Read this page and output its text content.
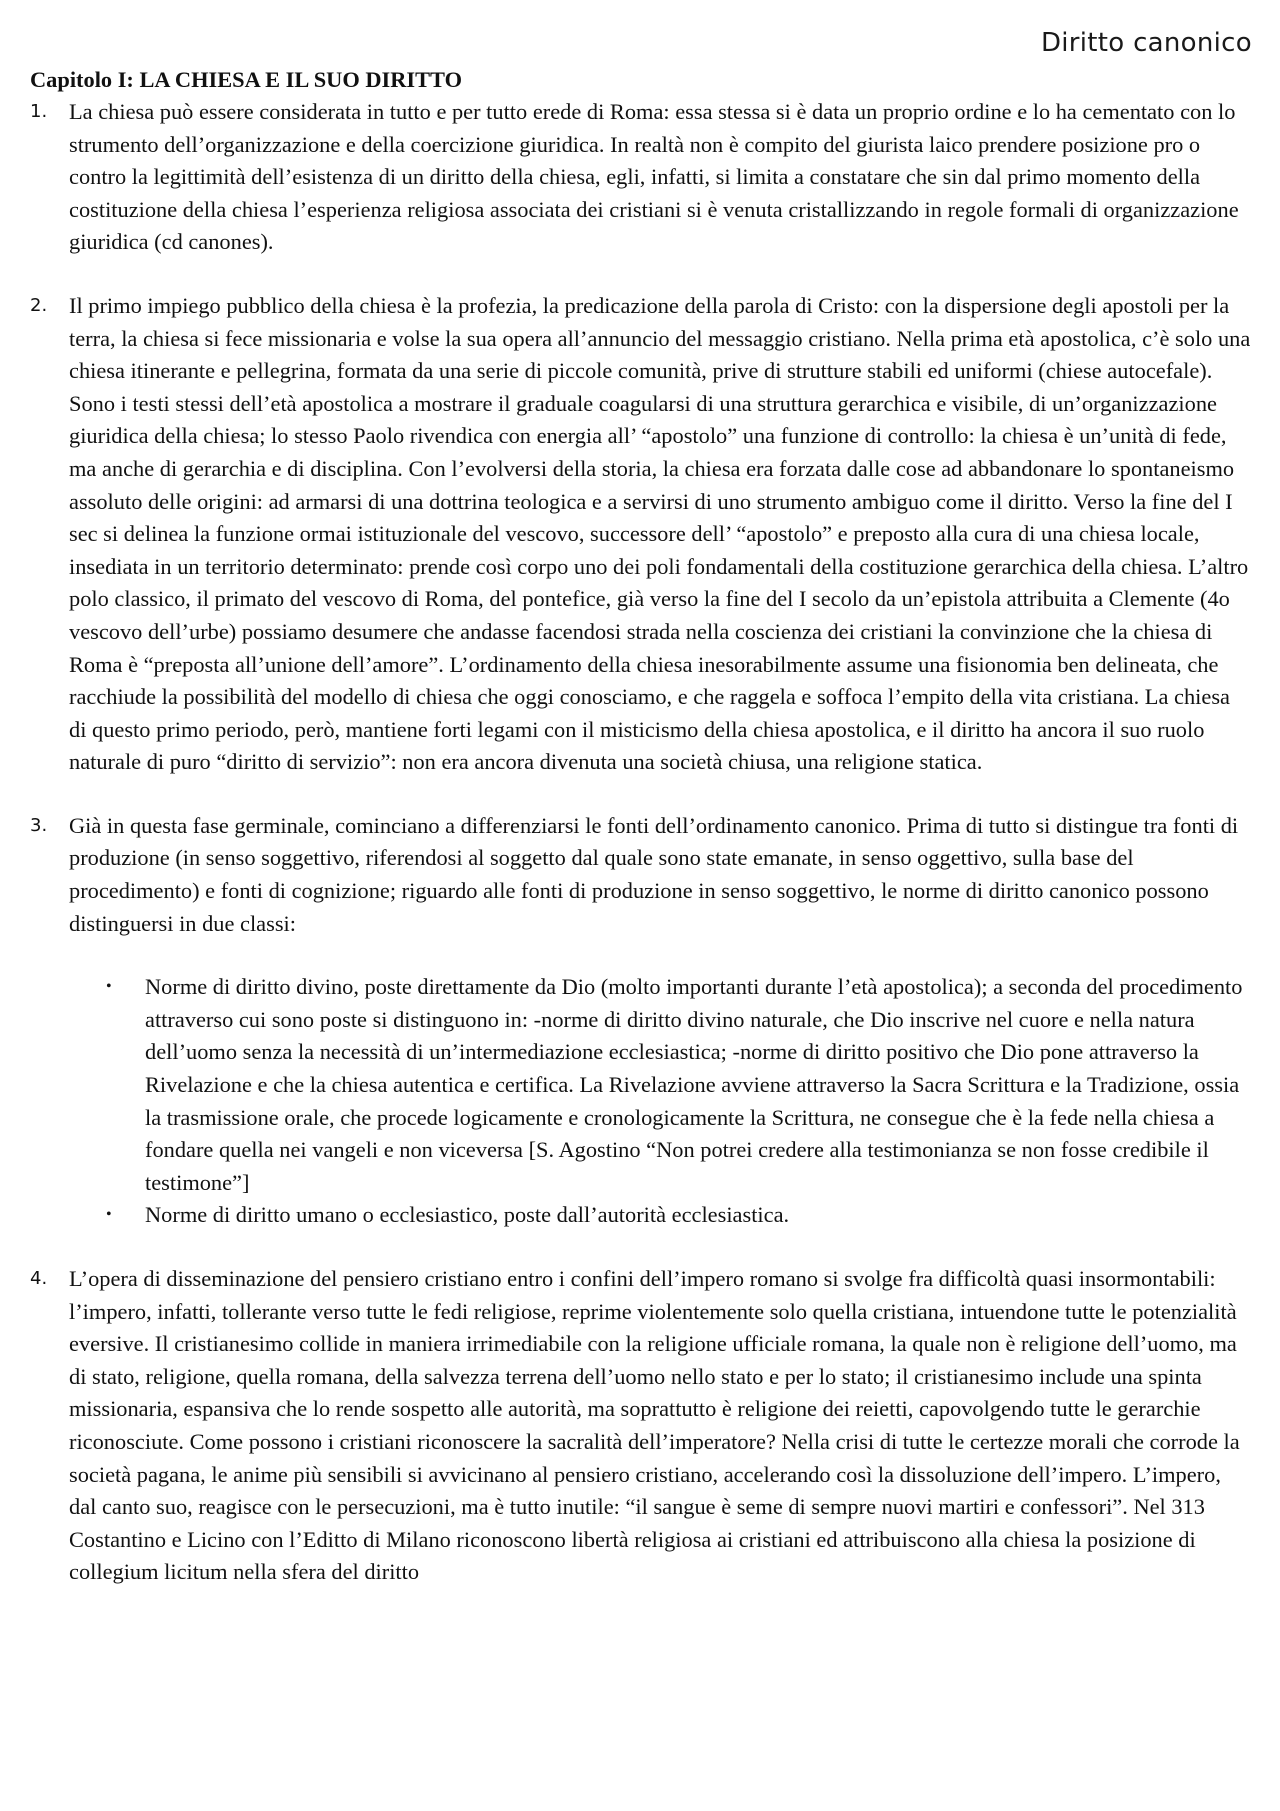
Diritto canonico
Capitolo I: LA CHIESA E IL SUO DIRITTO
1. La chiesa può essere considerata in tutto e per tutto erede di Roma: essa stessa si è data un proprio ordine e lo ha cementato con lo strumento dell’organizzazione e della coercizione giuridica. In realtà non è compito del giurista laico prendere posizione pro o contro la legittimità dell’esistenza di un diritto della chiesa, egli, infatti, si limita a constatare che sin dal primo momento della costituzione della chiesa l’esperienza religiosa associata dei cristiani si è venuta cristallizzando in regole formali di organizzazione giuridica (cd canones).

2. Il primo impiego pubblico della chiesa è la profezia, la predicazione della parola di Cristo: con la dispersione degli apostoli per la terra, la chiesa si fece missionaria e volse la sua opera all’annuncio del messaggio cristiano. Nella prima età apostolica, c’è solo una chiesa itinerante e pellegrina, formata da una serie di piccole comunità, prive di strutture stabili ed uniformi (chiese autocefale). Sono i testi stessi dell’età apostolica a mostrare il graduale coagularsi di una struttura gerarchica e visibile, di un’organizzazione giuridica della chiesa; lo stesso Paolo rivendica con energia all’ “apostolo” una funzione di controllo: la chiesa è un’unità di fede, ma anche di gerarchia e di disciplina. Con l’evolversi della storia, la chiesa era forzata dalle cose ad abbandonare lo spontaneismo assoluto delle origini: ad armarsi di una dottrina teologica e a servirsi di uno strumento ambiguo come il diritto. Verso la fine del I sec si delinea la funzione ormai istituzionale del vescovo, successore dell’ “apostolo” e preposto alla cura di una chiesa locale, insediata in un territorio determinato: prende così corpo uno dei poli fondamentali della costituzione gerarchica della chiesa. L’altro polo classico, il primato del vescovo di Roma, del pontefice, già verso la fine del I secolo da un’epistola attribuita a Clemente (4o vescovo dell’urbe) possiamo desumere che andasse facendosi strada nella coscienza dei cristiani la convinzione che la chiesa di Roma è “preposta all’unione dell’amore”. L’ordinamento della chiesa inesorabilmente assume una fisionomia ben delineata, che racchiude la possibilità del modello di chiesa che oggi conosciamo, e che raggela e soffoca l’empito della vita cristiana. La chiesa di questo primo periodo, però, mantiene forti legami con il misticismo della chiesa apostolica, e il diritto ha ancora il suo ruolo naturale di puro “diritto di servizio”: non era ancora divenuta una società chiusa, una religione statica.

3. Già in questa fase germinale, cominciano a differenziarsi le fonti dell’ordinamento canonico. Prima di tutto si distingue tra fonti di produzione (in senso soggettivo, riferendosi al soggetto dal quale sono state emanate, in senso oggettivo, sulla base del procedimento) e fonti di cognizione; riguardo alle fonti di produzione in senso soggettivo, le norme di diritto canonico possono distinguersi in due classi:

• Norme di diritto divino, poste direttamente da Dio (molto importanti durante l’età apostolica); a seconda del procedimento attraverso cui sono poste si distinguono in: -norme di diritto divino naturale, che Dio inscrive nel cuore e nella natura dell’uomo senza la necessità di un’intermediazione ecclesiastica; -norme di diritto positivo che Dio pone attraverso la Rivelazione e che la chiesa autentica e certifica. La Rivelazione avviene attraverso la Sacra Scrittura e la Tradizione, ossia la trasmissione orale, che procede logicamente e cronologicamente la Scrittura, ne consegue che è la fede nella chiesa a fondare quella nei vangeli e non viceversa [S. Agostino “Non potrei credere alla testimonianza se non fosse credibile il testimone”]
• Norme di diritto umano o ecclesiastico, poste dall’autorità ecclesiastica.
4. L’opera di disseminazione del pensiero cristiano entro i confini dell’impero romano si svolge fra difficoltà quasi insormontabili: l’impero, infatti, tollerante verso tutte le fedi religiose, reprime violentemente solo quella cristiana, intuendone tutte le potenzialità eversive. Il cristianesimo collide in maniera irrimediabile con la religione ufficiale romana, la quale non è religione dell’uomo, ma di stato, religione, quella romana, della salvezza terrena dell’uomo nello stato e per lo stato; il cristianesimo include una spinta missionaria, espansiva che lo rende sospetto alle autorità, ma soprattutto è religione dei reietti, capovolgendo tutte le gerarchie riconosciute. Come possono i cristiani riconoscere la sacralità dell’imperatore? Nella crisi di tutte le certezze morali che corrode la società pagana, le anime più sensibili si avvicinano al pensiero cristiano, accelerando così la dissoluzione dell’impero. L’impero, dal canto suo, reagisce con le persecuzioni, ma è tutto inutile: “il sangue è seme di sempre nuovi martiri e confessori”. Nel 313 Costantino e Licino con l’Editto di Milano riconoscono libertà religiosa ai cristiani ed attribuiscono alla chiesa la posizione di collegium licitum nella sfera del diritto
